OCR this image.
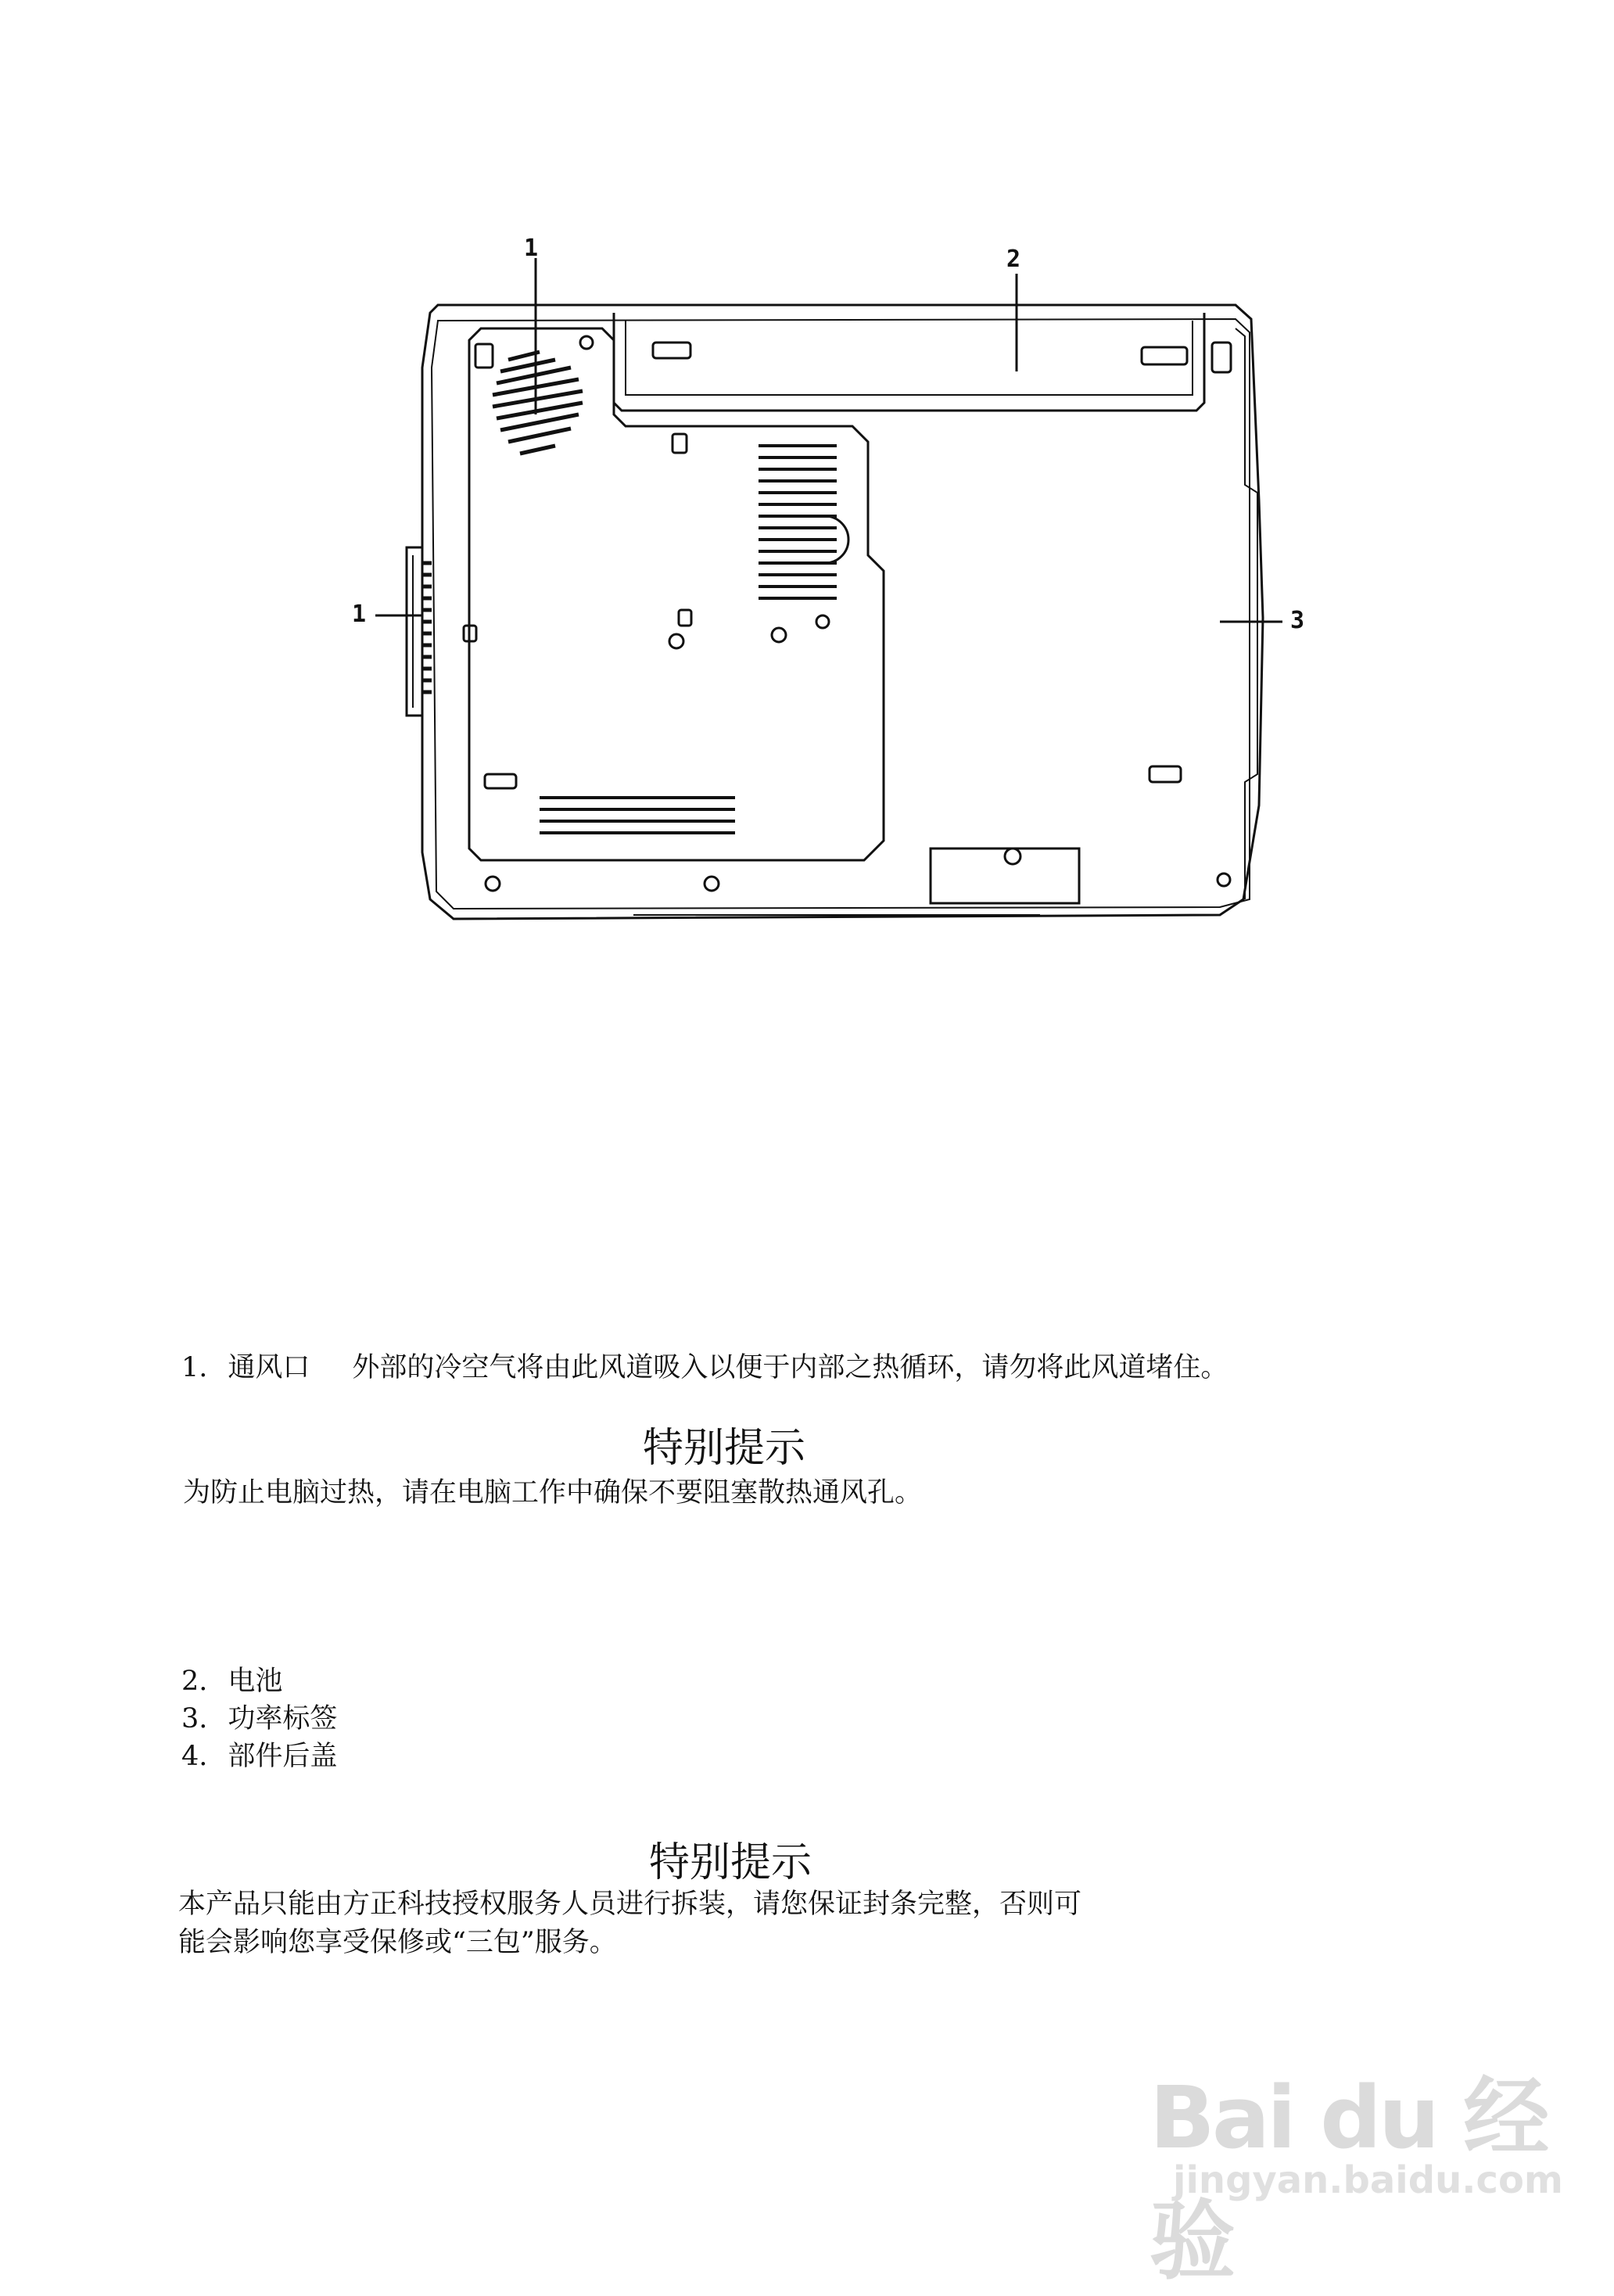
1	2
1	3
1. 通风口 外部的冷空气将由此风道吸入以便于内部之热循环，请勿将此风道堵住。
特别提示
为防止电脑过热，请在电脑工作中确保不要阻塞散热通风孔。
2. 电池
3. 功率标签
4. 部件后盖
特别提示
本产品只能由方正科技授权服务人员进行拆装，请您保证封条完整，否则可
能会影响您享受保修或“三包”服务。
Bai du 经验
jingyan.baidu.com
